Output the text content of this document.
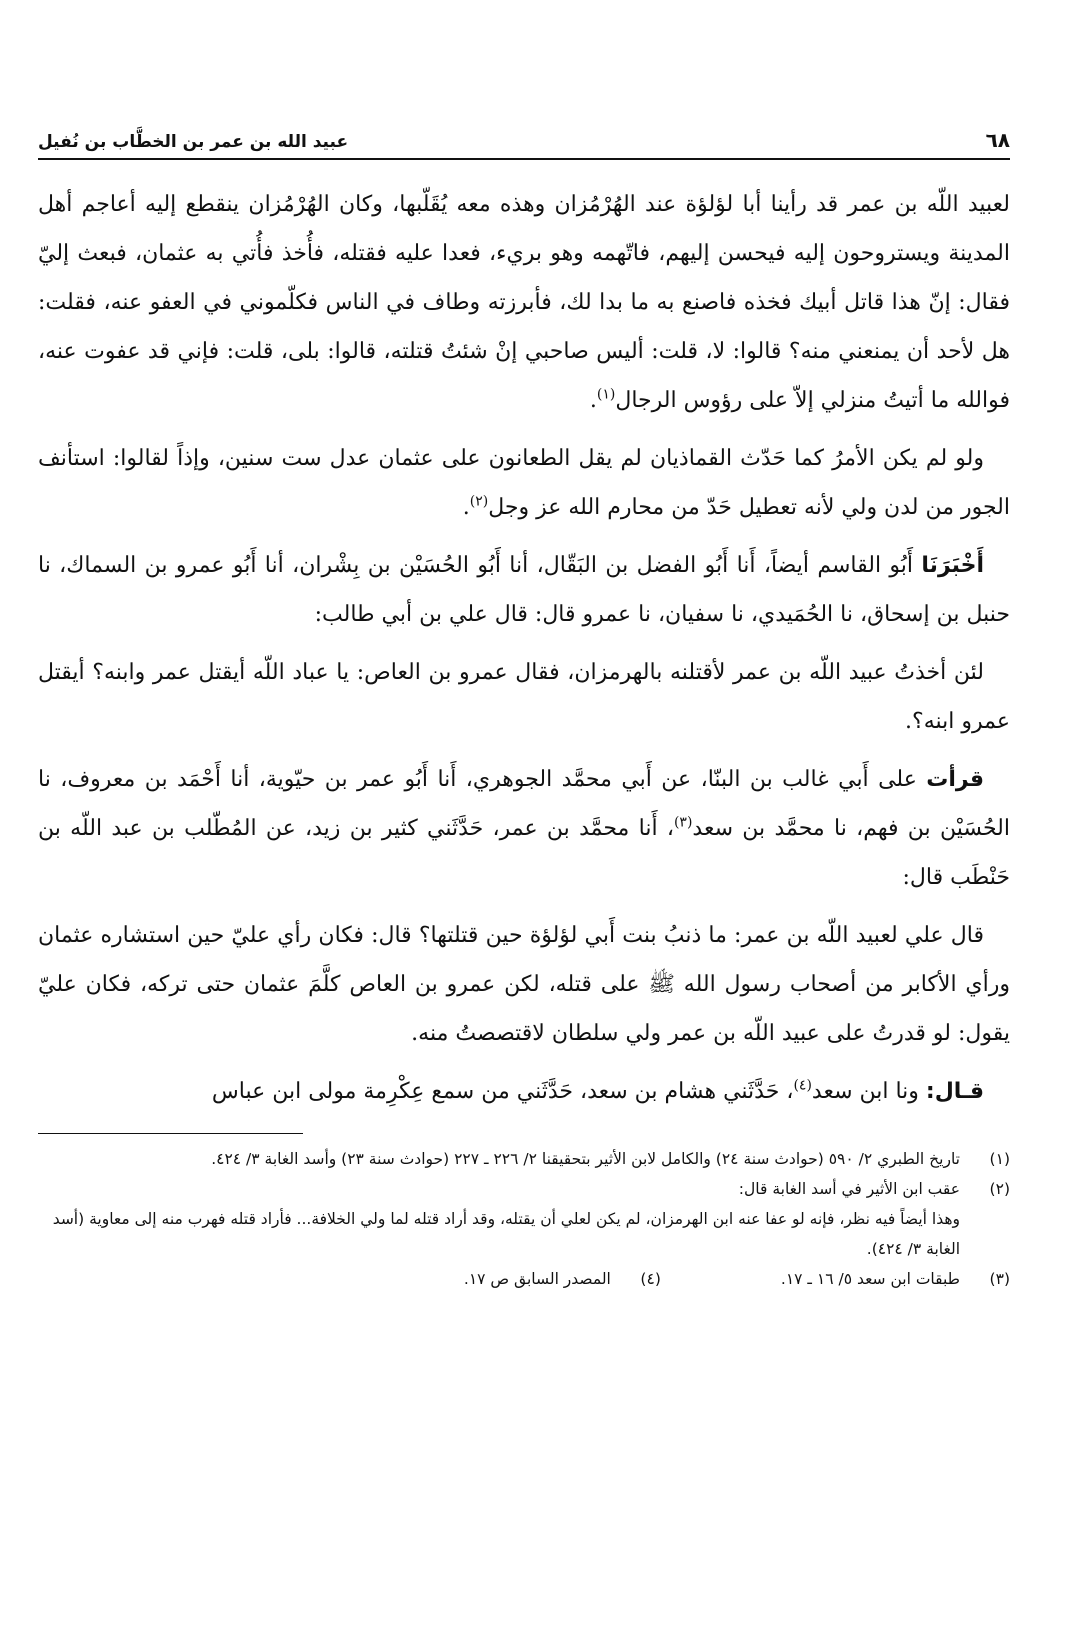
٦٨
عبيد الله بن عمر بن الخطَّاب بن نُفيل

لعبيد اللّه بن عمر قد رأينا أبا لؤلؤة عند الهُرْمُزان وهذه معه يُقَلّبها، وكان الهُرْمُزان ينقطع إليه أعاجم أهل المدينة ويستروحون إليه فيحسن إليهم، فاتّهمه وهو بريء، فعدا عليه فقتله، فأُخذ فأُتي به عثمان، فبعث إليّ فقال: إنّ هذا قاتل أبيك فخذه فاصنع به ما بدا لك، فأبرزته وطاف في الناس فكلّموني في العفو عنه، فقلت: هل لأحد أن يمنعني منه؟ قالوا: لا، قلت: أليس صاحبي إنْ شئتُ قتلته، قالوا: بلى، قلت: فإني قد عفوت عنه، فوالله ما أتيتُ منزلي إلاّ على رؤوس الرجال$^{(١)}$.

ولو لم يكن الأمرُ كما حَدّث القماذيان لم يقل الطعانون على عثمان عدل ست سنين، وإذاً لقالوا: استأنف الجور من لدن ولي لأنه تعطيل حَدّ من محارم الله عز وجل$^{(٢)}$.

أَخْبَرَنَا أَبُو القاسم أيضاً، أَنا أَبُو الفضل بن البَقّال، أنا أَبُو الحُسَيْن بن بِشْران، أنا أَبُو عمرو بن السماك، نا حنبل بن إسحاق، نا الحُمَيدي، نا سفيان، نا عمرو قال: قال علي بن أبي طالب:

لئن أخذتُ عبيد اللّه بن عمر لأقتلنه بالهرمزان، فقال عمرو بن العاص: يا عباد اللّه أيقتل عمر وابنه؟ أيقتل عمرو ابنه؟.

قرأت على أَبي غالب بن البنّا، عن أَبي محمَّد الجوهري، أَنا أَبُو عمر بن حيّوية، أنا أَحْمَد بن معروف، نا الحُسَيْن بن فهم، نا محمَّد بن سعد$^{(٣)}$، أَنا محمَّد بن عمر، حَدَّثَني كثير بن زيد، عن المُطّلب بن عبد اللّه بن حَنْطَب قال:

قال علي لعبيد اللّه بن عمر: ما ذنبُ بنت أَبي لؤلؤة حين قتلتها؟ قال: فكان رأي عليّ حين استشاره عثمان ورأي الأكابر من أصحاب رسول الله ﷺ على قتله، لكن عمرو بن العاص كلَّمَ عثمان حتى تركه، فكان عليّ يقول: لو قدرتُ على عبيد اللّه بن عمر ولي سلطان لاقتصصتُ منه.

قـال: ونا ابن سعد$^{(٤)}$، حَدَّثَني هشام بن سعد، حَدَّثَني من سمع عِكْرِمة مولى ابن عباس

(١)
تاريخ الطبري ٢/ ٥٩٠ (حوادث سنة ٢٤) والكامل لابن الأثير بتحقيقنا ٢/ ٢٢٦ ـ ٢٢٧ (حوادث سنة ٢٣) وأسد الغابة ٣/ ٤٢٤.
(٢)
عقب ابن الأثير في أسد الغابة قال:
وهذا أيضاً فيه نظر، فإنه لو عفا عنه ابن الهرمزان، لم يكن لعلي أن يقتله، وقد أراد قتله لما ولي الخلافة... فأراد قتله فهرب منه إلى معاوية (أسد الغابة ٣/ ٤٢٤).
(٣)
طبقات ابن سعد ٥/ ١٦ ـ ١٧.
(٤)
المصدر السابق ص ١٧.
